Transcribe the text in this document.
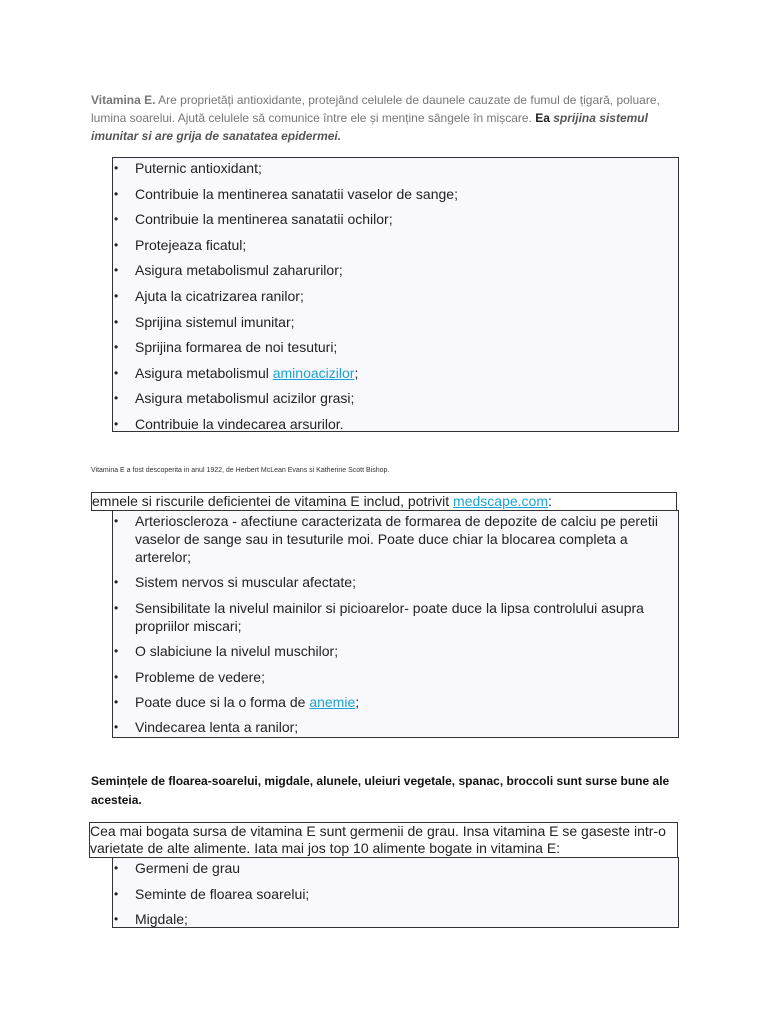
Vitamina E. Are proprietăți antioxidante, protejând celulele de daunele cauzate de fumul de țigară, poluare, lumina soarelui. Ajută celulele să comunice între ele și menține sângele în mișcare. Ea sprijina sistemul imunitar si are grija de sanatatea epidermei.
• Puternic antioxidant;
• Contribuie la mentinerea sanatatii vaselor de sange;
• Contribuie la mentinerea sanatatii ochilor;
• Protejeaza ficatul;
• Asigura metabolismul zaharurilor;
• Ajuta la cicatrizarea ranilor;
• Sprijina sistemul imunitar;
• Sprijina formarea de noi tesuturi;
• Asigura metabolismul aminoacizilor;
• Asigura metabolismul acizilor grasi;
• Contribuie la vindecarea arsurilor.
Vitamina E a fost descoperita in anul 1922, de Herbert McLean Evans si Katherine Scott Bishop.
emnele si riscurile deficientei de vitamina E includ, potrivit medscape.com:
• Arterioscleroza - afectiune caracterizata de formarea de depozite de calciu pe peretii vaselor de sange sau in tesuturile moi. Poate duce chiar la blocarea completa a arterelor;
• Sistem nervos si muscular afectate;
• Sensibilitate la nivelul mainilor si picioarelor- poate duce la lipsa controlului asupra propriilor miscari;
• O slabiciune la nivelul muschilor;
• Probleme de vedere;
• Poate duce si la o forma de anemie;
• Vindecarea lenta a ranilor;
Semințele de floarea-soarelui, migdale, alunele, uleiuri vegetale, spanac, broccoli sunt surse bune ale acesteia.
Cea mai bogata sursa de vitamina E sunt germenii de grau. Insa vitamina E se gaseste intr-o varietate de alte alimente. Iata mai jos top 10 alimente bogate in vitamina E:
• Germeni de grau
• Seminte de floarea soarelui;
• Migdale;
